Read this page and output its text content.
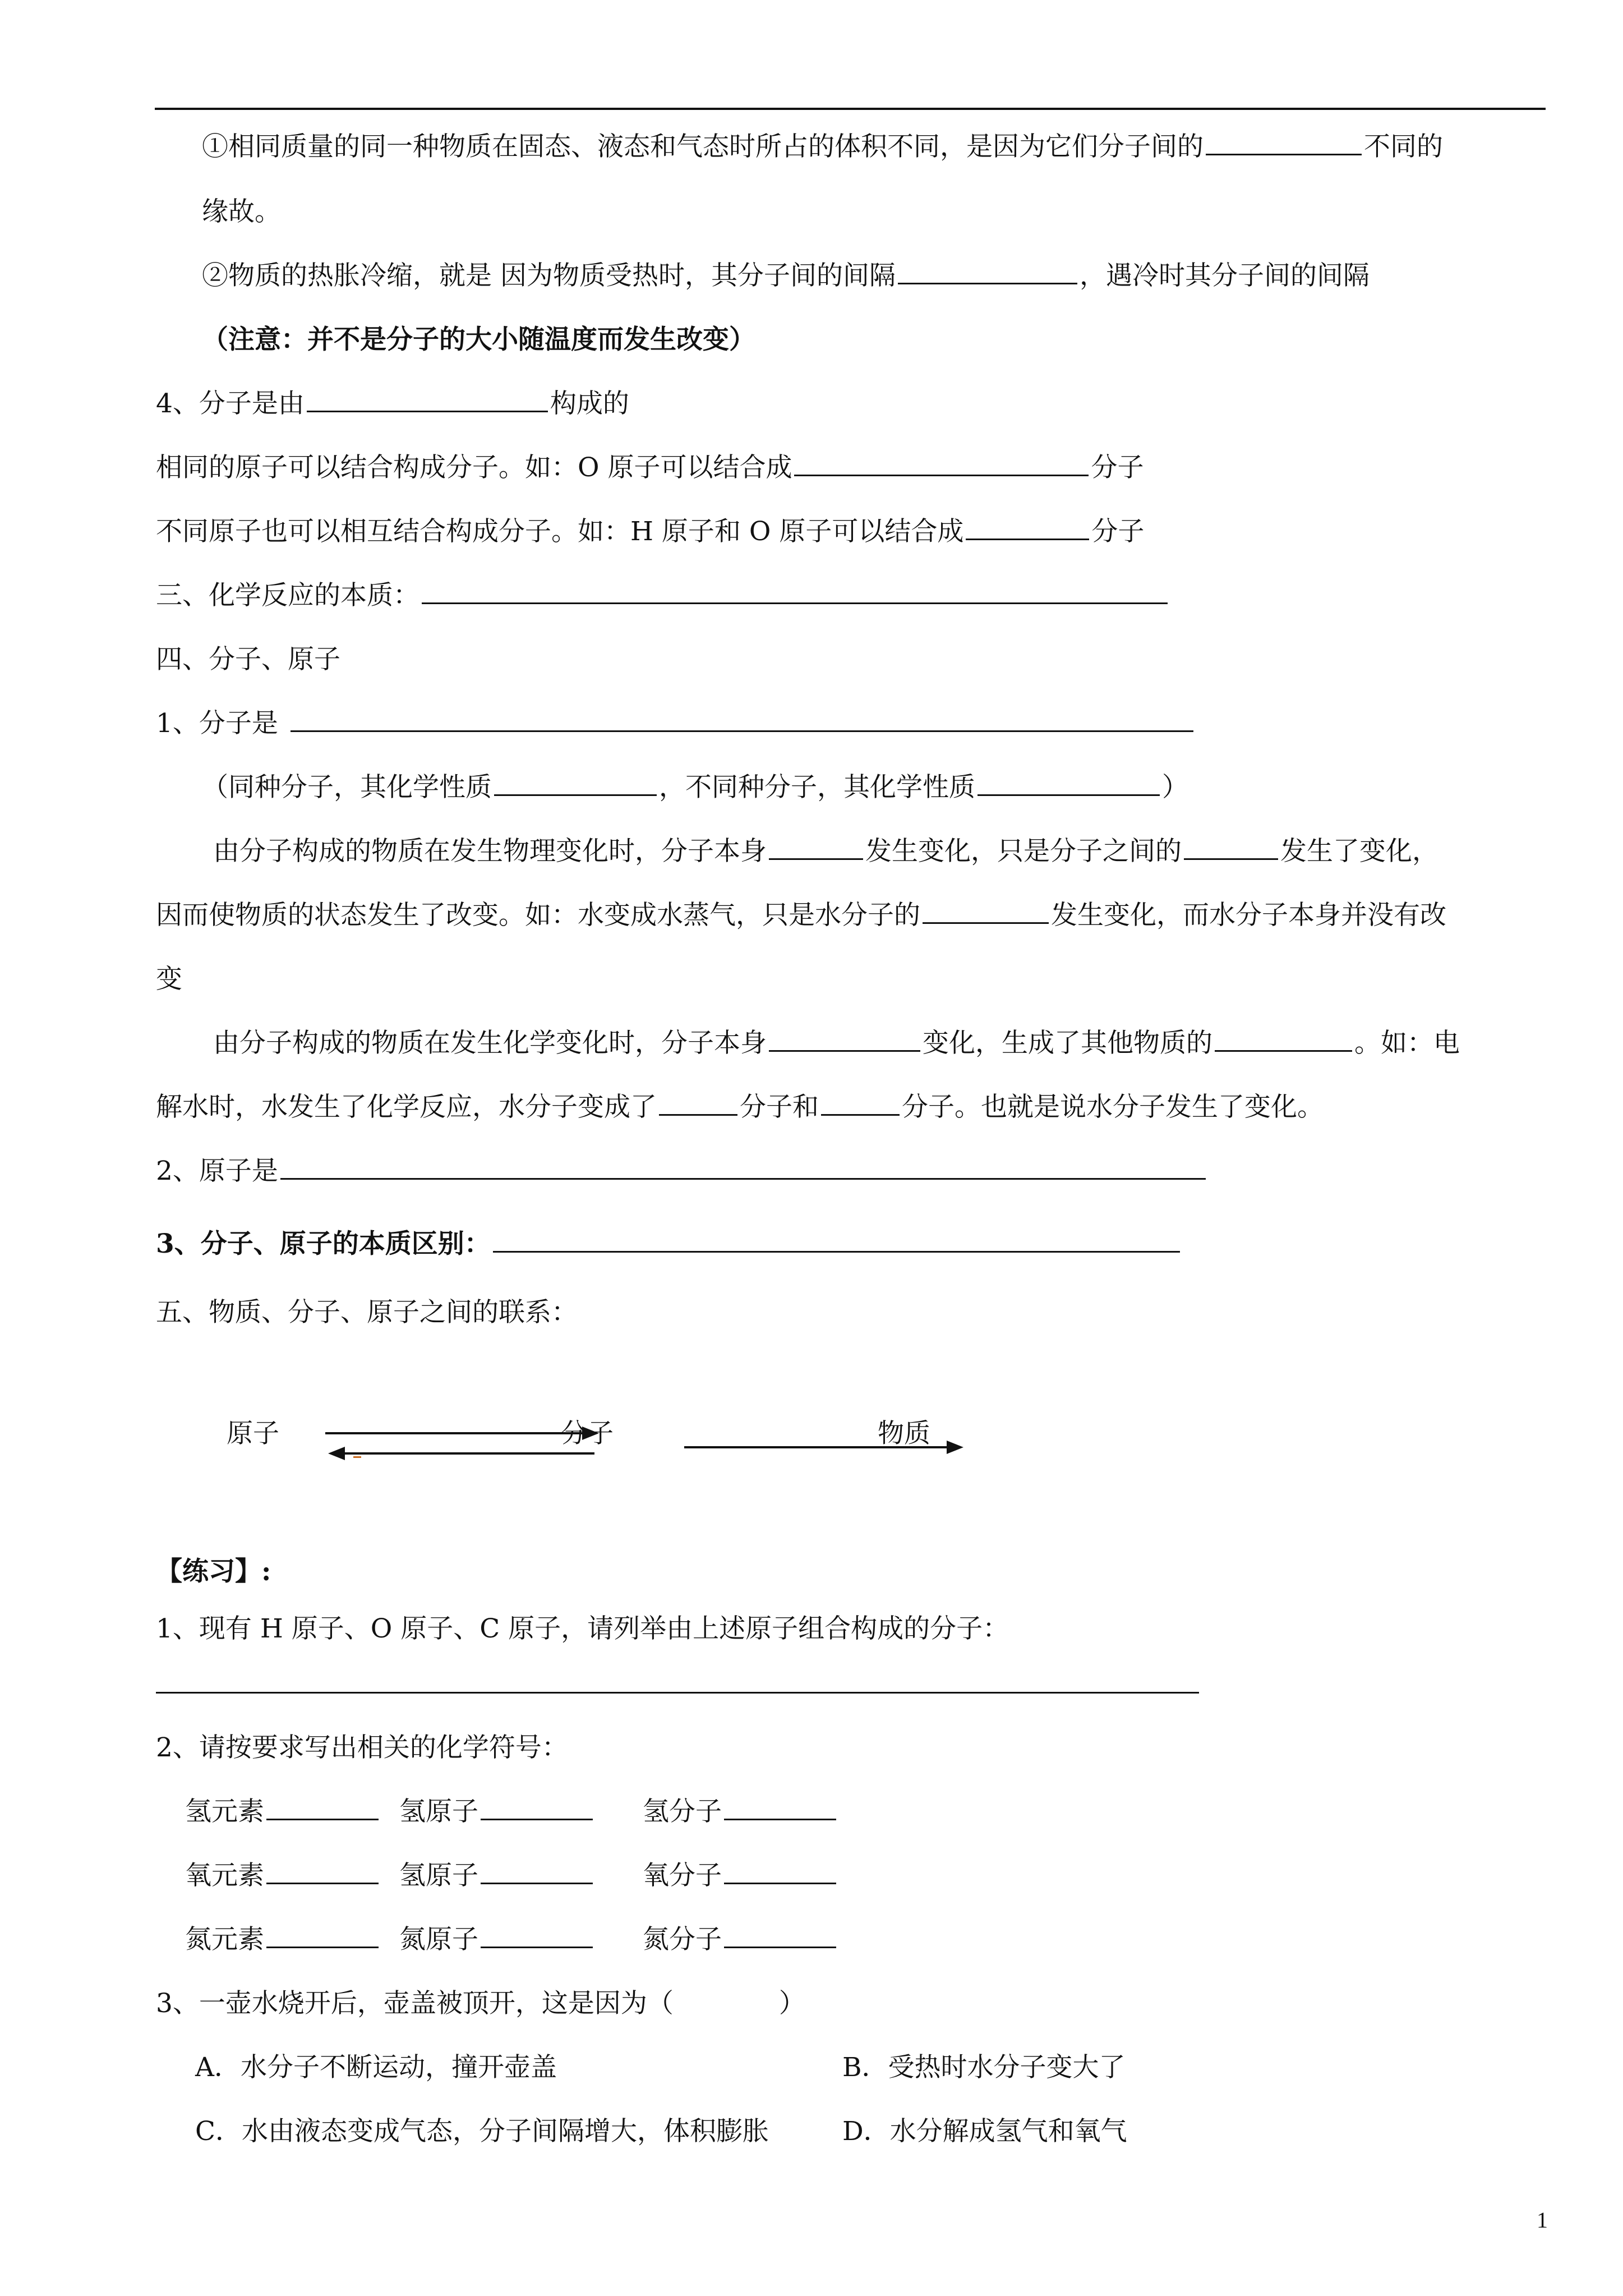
①相同质量的同一种物质在固态、液态和气态时所占的体积不同，是因为它们分子间的	不同的
缘故。
②物质的热胀冷缩，就是 因为物质受热时，其分子间的间隔	，遇冷时其分子间的间隔
（注意：并不是分子的大小随温度而发生改变）
4、分子是由	构成的
相同的原子可以结合构成分子。如：O 原子可以结合成	分子
不同原子也可以相互结合构成分子。如：H 原子和 O 原子可以结合成	分子
三、化学反应的本质：
四、分子、原子
1、分子是
（同种分子，其化学性质	，不同种分子，其化学性质	）
由分子构成的物质在发生物理变化时，分子本身	发生变化，只是分子之间的	发生了变化，
因而使物质的状态发生了改变。如：水变成水蒸气，只是水分子的	发生变化，而水分子本身并没有改
变
由分子构成的物质在发生化学变化时，分子本身	变化，生成了其他物质的	。如：电
解水时，水发生了化学反应，水分子变成了	分子和	分子。也就是说水分子发生了变化。
2、原子是
3、分子、原子的本质区别：
五、物质、分子、原子之间的联系：
原子	分子	物质
【练习】:
1、现有 H 原子、O 原子、C 原子，请列举由上述原子组合构成的分子：
2、请按要求写出相关的化学符号：
氢元素	氢原子	氢分子
氧元素	氢原子	氧分子
氮元素	氮原子	氮分子
3、一壶水烧开后，壶盖被顶开，这是因为（　　　　）
A．水分子不断运动，撞开壶盖	B．受热时水分子变大了
C．水由液态变成气态，分子间隔增大，体积膨胀	D．水分解成氢气和氧气
1
